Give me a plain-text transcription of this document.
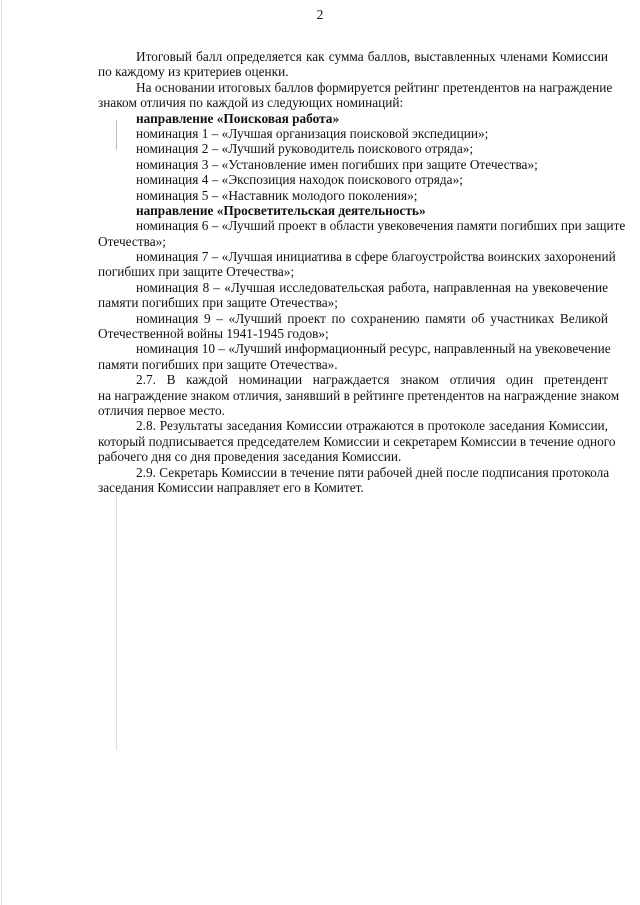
2
Итоговый балл определяется как сумма баллов, выставленных членами Комиссии
по каждому из критериев оценки.
На основании итоговых баллов формируется рейтинг претендентов на награждение
знаком отличия по каждой из следующих номинаций:
направление «Поисковая работа»
номинация 1 – «Лучшая организация поисковой экспедиции»;
номинация 2 – «Лучший руководитель поискового отряда»;
номинация 3 – «Установление имен погибших при защите Отечества»;
номинация 4 – «Экспозиция находок поискового отряда»;
номинация 5 – «Наставник молодого поколения»;
направление «Просветительская деятельность»
номинация 6 – «Лучший проект в области увековечения памяти погибших при защите
Отечества»;
номинация 7 – «Лучшая инициатива в сфере благоустройства воинских захоронений
погибших при защите Отечества»;
номинация 8 – «Лучшая исследовательская работа, направленная на увековечение
памяти погибших при защите Отечества»;
номинация 9 – «Лучший проект по сохранению памяти об участниках Великой
Отечественной войны 1941-1945 годов»;
номинация 10 – «Лучший информационный ресурс, направленный на увековечение
памяти погибших при защите Отечества».
2.7. В каждой номинации награждается знаком отличия один претендент
на награждение знаком отличия, занявший в рейтинге претендентов на награждение знаком
отличия первое место.
2.8. Результаты заседания Комиссии отражаются в протоколе заседания Комиссии,
который подписывается председателем Комиссии и секретарем Комиссии в течение одного
рабочего дня со дня проведения заседания Комиссии.
2.9. Секретарь Комиссии в течение пяти рабочей дней после подписания протокола
заседания Комиссии направляет его в Комитет.
